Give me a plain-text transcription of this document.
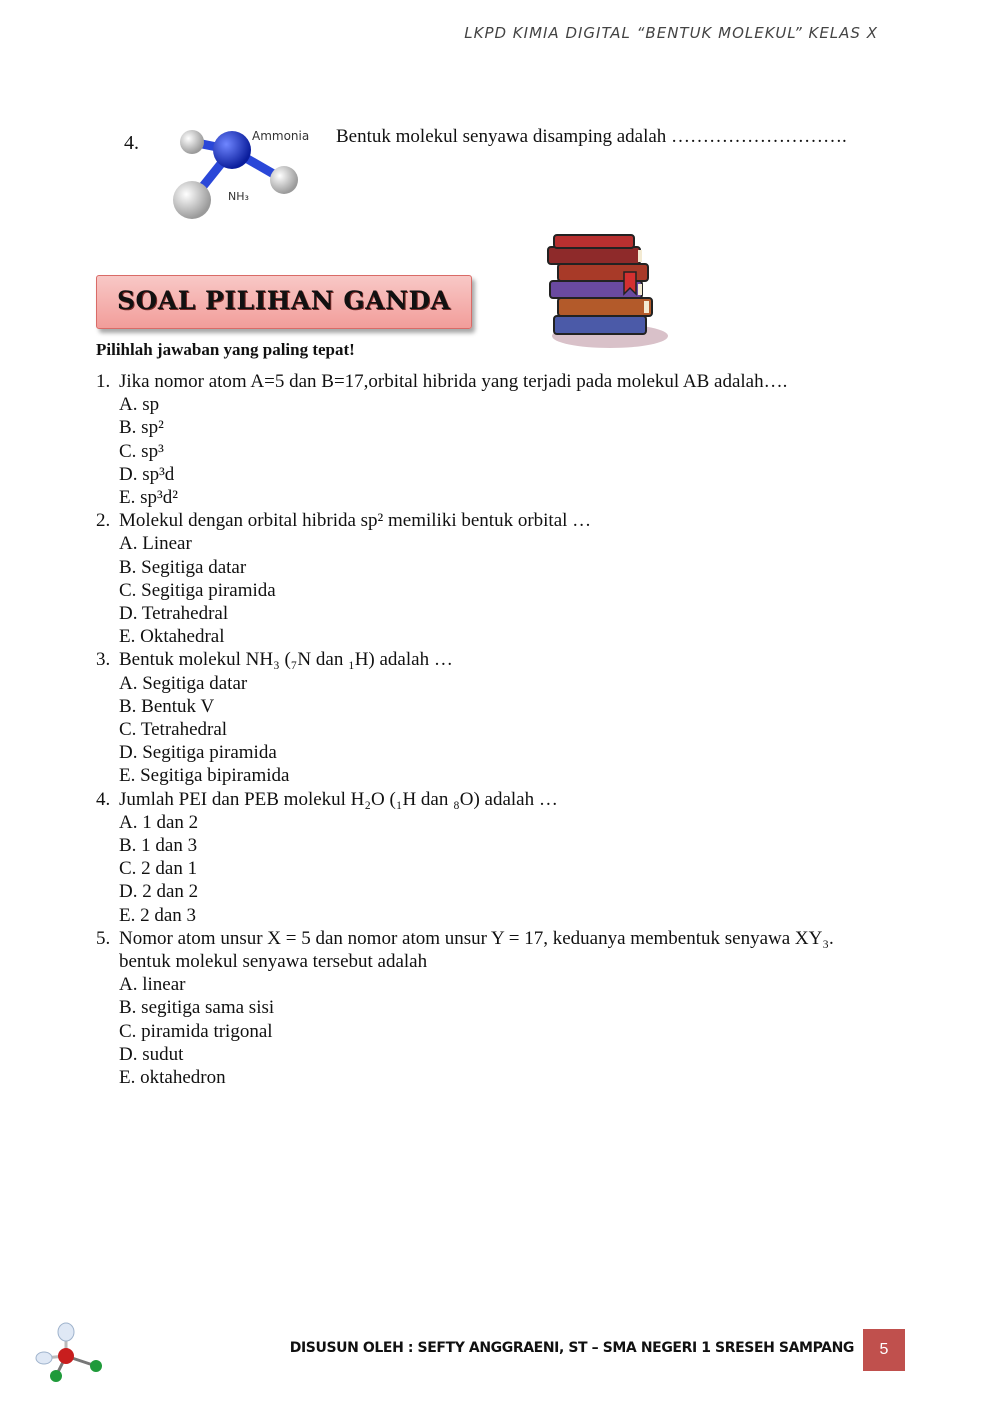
LKPD KIMIA DIGITAL “BENTUK MOLEKUL” KELAS X
4.	Ammonia
NH₃
Bentuk molekul senyawa disamping adalah ……………………….
SOAL PILIHAN GANDA
Pilihlah jawaban yang paling tepat!
1. Jika nomor atom A=5 dan B=17,orbital hibrida yang terjadi pada molekul AB adalah….
A. sp
B. sp²
C. sp³
D. sp³d
E. sp³d²
2. Molekul dengan orbital hibrida sp² memiliki bentuk orbital …
A. Linear
B. Segitiga datar
C. Segitiga piramida
D. Tetrahedral
E. Oktahedral
3. Bentuk molekul NH₃ (₇N dan ₁H) adalah …
A. Segitiga datar
B. Bentuk V
C. Tetrahedral
D. Segitiga piramida
E. Segitiga bipiramida
4. Jumlah PEI dan PEB molekul H₂O (₁H dan ₈O) adalah …
A. 1 dan 2
B. 1 dan 3
C. 2 dan 1
D. 2 dan 2
E. 2 dan 3
5. Nomor atom unsur X = 5 dan nomor atom unsur Y = 17, keduanya membentuk senyawa XY₃.
bentuk molekul senyawa tersebut adalah
A. linear
B. segitiga sama sisi
C. piramida trigonal
D. sudut
E. oktahedron
DISUSUN OLEH : SEFTY ANGGRAENI, ST – SMA NEGERI 1 SRESEH SAMPANG	5
